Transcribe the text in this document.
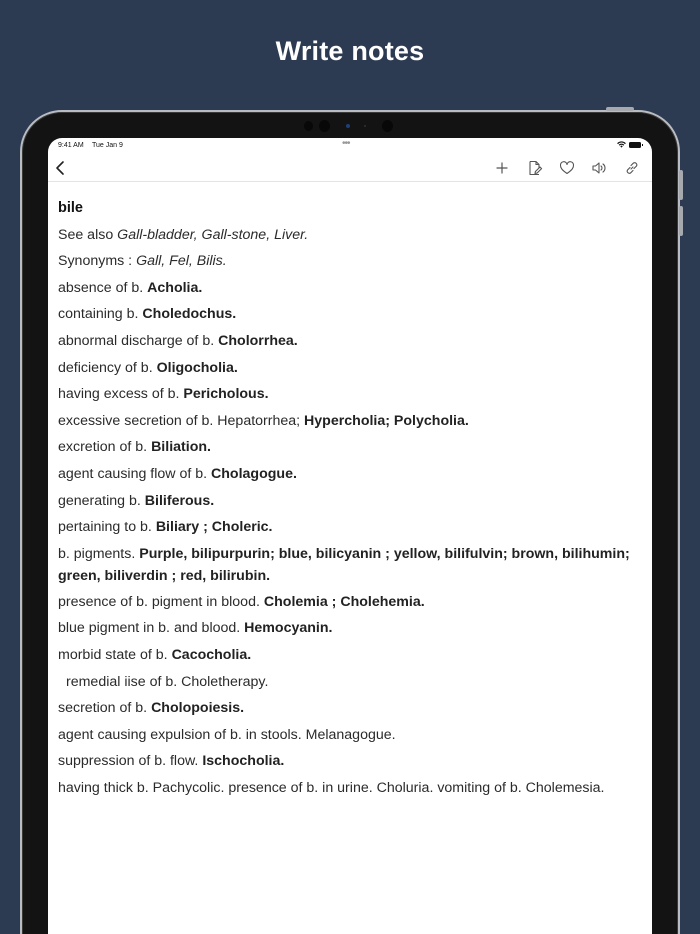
Write notes
9:41 AM Tue Jan 9	•••
bile
See also Gall-bladder, Gall-stone, Liver.
Synonyms : Gall, Fel, Bilis.
absence of b. Acholia.
containing b. Choledochus.
abnormal discharge of b. Cholorrhea.
deficiency of b. Oligocholia.
having excess of b. Pericholous.
excessive secretion of b. Hepatorrhea; Hypercholia; Polycholia.
excretion of b. Biliation.
agent causing flow of b. Cholagogue.
generating b. Biliferous.
pertaining to b. Biliary ; Choleric.
b. pigments. Purple, bilipurpurin; blue, bilicyanin ; yellow, bilifulvin; brown, bilihumin; green, biliverdin ; red, bilirubin.
presence of b. pigment in blood. Cholemia ; Cholehemia.
blue pigment in b. and blood. Hemocyanin.
morbid state of b. Cacocholia.
remedial iise of b. Choletherapy.
secretion of b. Cholopoiesis.
agent causing expulsion of b. in stools. Melanagogue.
suppression of b. flow. Ischocholia.
having thick b. Pachycolic. presence of b. in urine. Choluria. vomiting of b. Cholemesia.
